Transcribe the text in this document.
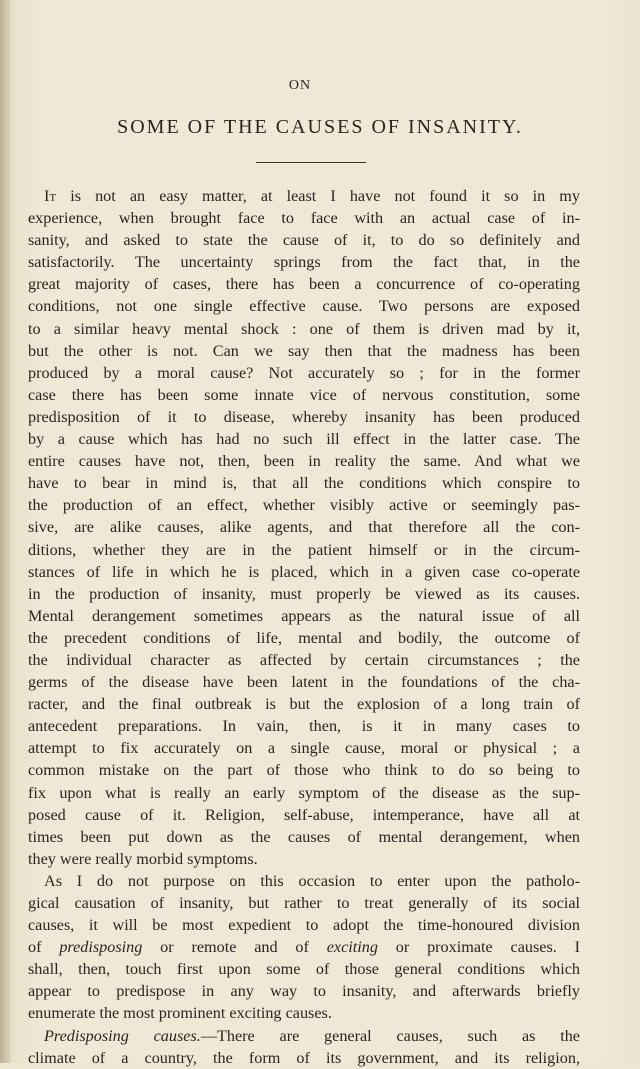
ON
SOME OF THE CAUSES OF INSANITY.
It is not an easy matter, at least I have not found it so in my
experience, when brought face to face with an actual case of in-
sanity, and asked to state the cause of it, to do so definitely and
satisfactorily. The uncertainty springs from the fact that, in the
great majority of cases, there has been a concurrence of co-operating
conditions, not one single effective cause. Two persons are exposed
to a similar heavy mental shock : one of them is driven mad by it,
but the other is not. Can we say then that the madness has been
produced by a moral cause? Not accurately so ; for in the former
case there has been some innate vice of nervous constitution, some
predisposition of it to disease, whereby insanity has been produced
by a cause which has had no such ill effect in the latter case. The
entire causes have not, then, been in reality the same. And what we
have to bear in mind is, that all the conditions which conspire to
the production of an effect, whether visibly active or seemingly pas-
sive, are alike causes, alike agents, and that therefore all the con-
ditions, whether they are in the patient himself or in the circum-
stances of life in which he is placed, which in a given case co-operate
in the production of insanity, must properly be viewed as its causes.
Mental derangement sometimes appears as the natural issue of all
the precedent conditions of life, mental and bodily, the outcome of
the individual character as affected by certain circumstances ; the
germs of the disease have been latent in the foundations of the cha-
racter, and the final outbreak is but the explosion of a long train of
antecedent preparations. In vain, then, is it in many cases to
attempt to fix accurately on a single cause, moral or physical ; a
common mistake on the part of those who think to do so being to
fix upon what is really an early symptom of the disease as the sup-
posed cause of it. Religion, self-abuse, intemperance, have all at
times been put down as the causes of mental derangement, when
they were really morbid symptoms.
As I do not purpose on this occasion to enter upon the patholo-
gical causation of insanity, but rather to treat generally of its social
causes, it will be most expedient to adopt the time-honoured division
of predisposing or remote and of exciting or proximate causes. I
shall, then, touch first upon some of those general conditions which
appear to predispose in any way to insanity, and afterwards briefly
enumerate the most prominent exciting causes.
Predisposing causes.—There are general causes, such as the
climate of a country, the form of its government, and its religion,
